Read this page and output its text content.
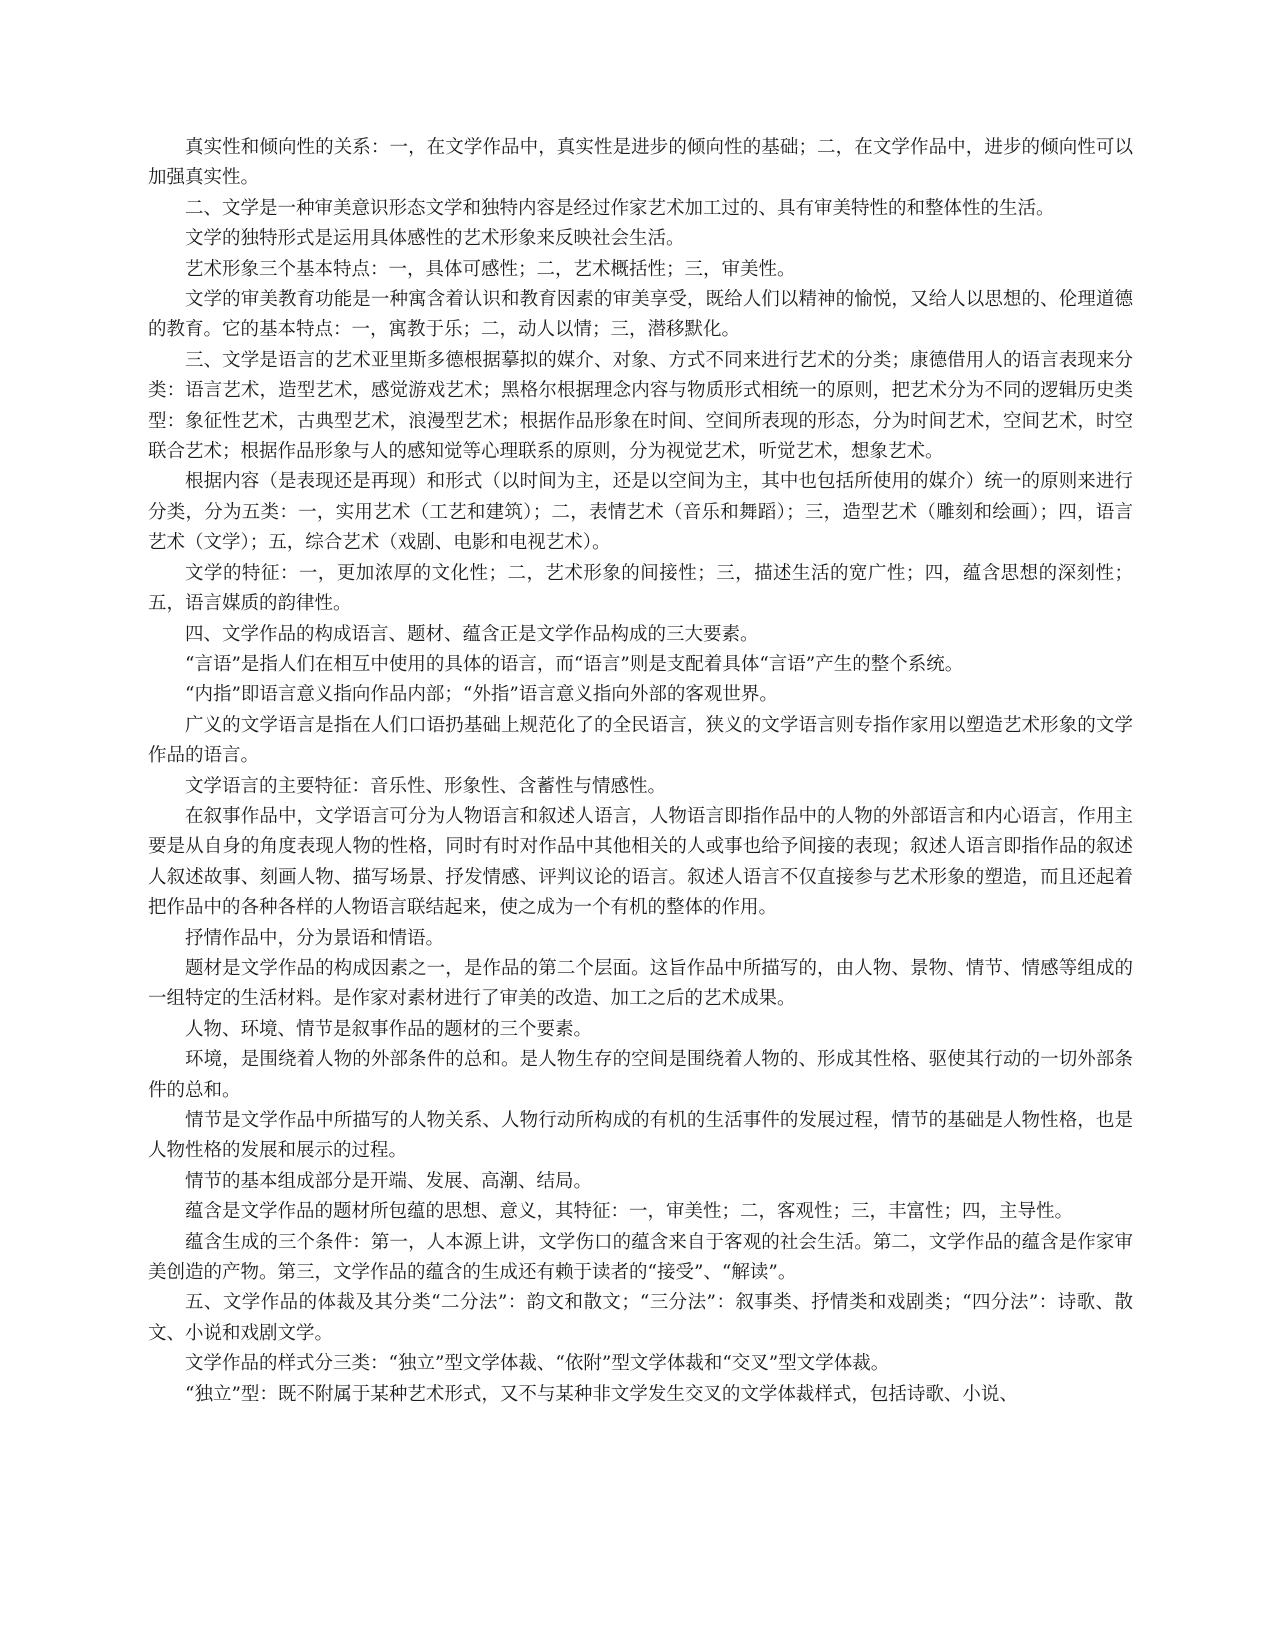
真实性和倾向性的关系：一，在文学作品中，真实性是进步的倾向性的基础；二，在文学作品中，进步的倾向性可以加强真实性。

二、文学是一种审美意识形态文学和独特内容是经过作家艺术加工过的、具有审美特性的和整体性的生活。

文学的独特形式是运用具体感性的艺术形象来反映社会生活。

艺术形象三个基本特点：一，具体可感性；二，艺术概括性；三，审美性。

文学的审美教育功能是一种寓含着认识和教育因素的审美享受，既给人们以精神的愉悦，又给人以思想的、伦理道德的教育。它的基本特点：一，寓教于乐；二，动人以情；三，潜移默化。

三、文学是语言的艺术亚里斯多德根据摹拟的媒介、对象、方式不同来进行艺术的分类；康德借用人的语言表现来分类：语言艺术，造型艺术，感觉游戏艺术；黑格尔根据理念内容与物质形式相统一的原则，把艺术分为不同的逻辑历史类型：象征性艺术，古典型艺术，浪漫型艺术；根据作品形象在时间、空间所表现的形态，分为时间艺术，空间艺术，时空联合艺术；根据作品形象与人的感知觉等心理联系的原则，分为视觉艺术，听觉艺术，想象艺术。

根据内容（是表现还是再现）和形式（以时间为主，还是以空间为主，其中也包括所使用的媒介）统一的原则来进行分类，分为五类：一，实用艺术（工艺和建筑）；二，表情艺术（音乐和舞蹈）；三，造型艺术（雕刻和绘画）；四，语言艺术（文学）；五，综合艺术（戏剧、电影和电视艺术）。

文学的特征：一，更加浓厚的文化性；二，艺术形象的间接性；三，描述生活的宽广性；四，蕴含思想的深刻性；五，语言媒质的韵律性。

四、文学作品的构成语言、题材、蕴含正是文学作品构成的三大要素。

“言语”是指人们在相互中使用的具体的语言，而“语言”则是支配着具体“言语”产生的整个系统。

“内指”即语言意义指向作品内部；“外指”语言意义指向外部的客观世界。

广义的文学语言是指在人们口语扔基础上规范化了的全民语言，狭义的文学语言则专指作家用以塑造艺术形象的文学作品的语言。

文学语言的主要特征：音乐性、形象性、含蓄性与情感性。

在叙事作品中，文学语言可分为人物语言和叙述人语言，人物语言即指作品中的人物的外部语言和内心语言，作用主要是从自身的角度表现人物的性格，同时有时对作品中其他相关的人或事也给予间接的表现；叙述人语言即指作品的叙述人叙述故事、刻画人物、描写场景、抒发情感、评判议论的语言。叙述人语言不仅直接参与艺术形象的塑造，而且还起着把作品中的各种各样的人物语言联结起来，使之成为一个有机的整体的作用。

抒情作品中，分为景语和情语。

题材是文学作品的构成因素之一，是作品的第二个层面。这旨作品中所描写的，由人物、景物、情节、情感等组成的一组特定的生活材料。是作家对素材进行了审美的改造、加工之后的艺术成果。

人物、环境、情节是叙事作品的题材的三个要素。

环境，是围绕着人物的外部条件的总和。是人物生存的空间是围绕着人物的、形成其性格、驱使其行动的一切外部条件的总和。

情节是文学作品中所描写的人物关系、人物行动所构成的有机的生活事件的发展过程，情节的基础是人物性格，也是人物性格的发展和展示的过程。

情节的基本组成部分是开端、发展、高潮、结局。

蕴含是文学作品的题材所包蕴的思想、意义，其特征：一，审美性；二，客观性；三，丰富性；四，主导性。

蕴含生成的三个条件：第一，人本源上讲，文学伤口的蕴含来自于客观的社会生活。第二，文学作品的蕴含是作家审美创造的产物。第三，文学作品的蕴含的生成还有赖于读者的“接受”、“解读”。

五、文学作品的体裁及其分类“二分法”：韵文和散文；“三分法”：叙事类、抒情类和戏剧类；“四分法”：诗歌、散文、小说和戏剧文学。

文学作品的样式分三类：“独立”型文学体裁、“依附”型文学体裁和“交叉”型文学体裁。

“独立”型：既不附属于某种艺术形式，又不与某种非文学发生交叉的文学体裁样式，包括诗歌、小说、
